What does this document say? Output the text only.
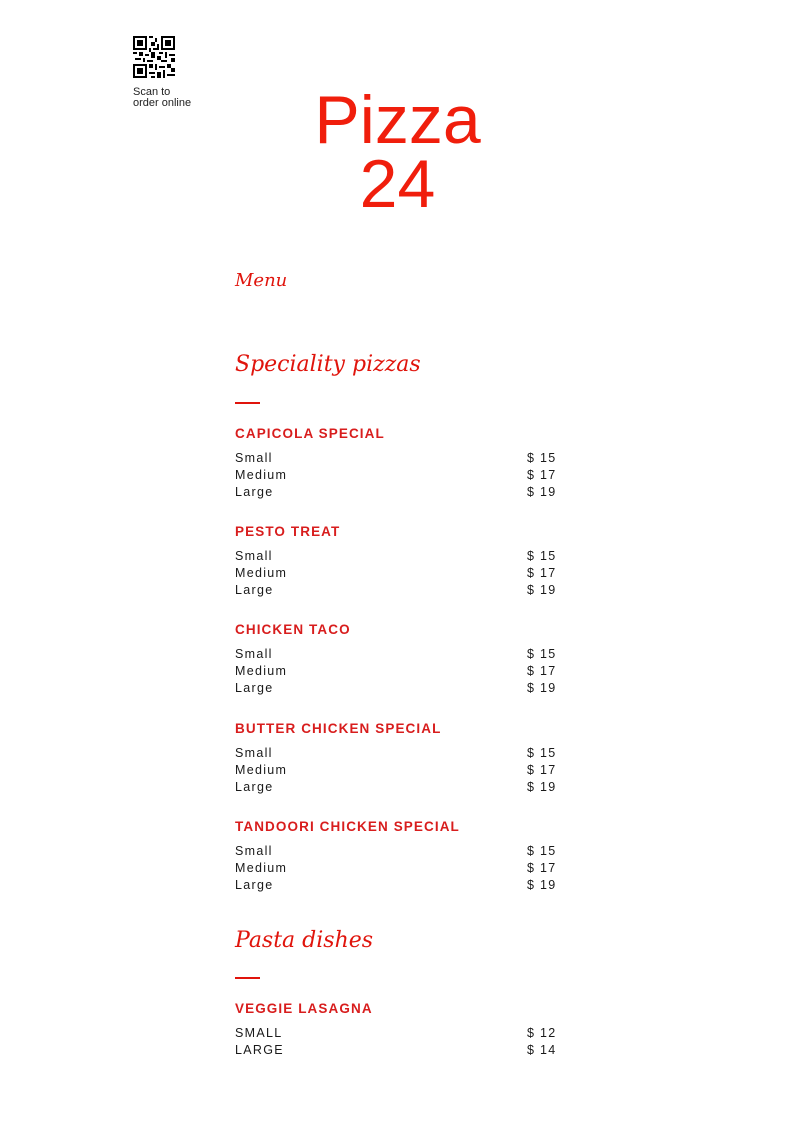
Scan to order online	Pizza 24
Menu
Speciality pizzas
CAPICOLA SPECIAL
Small	$ 15
Medium	$ 17
Large	$ 19
PESTO TREAT
Small	$ 15
Medium	$ 17
Large	$ 19
CHICKEN TACO
Small	$ 15
Medium	$ 17
Large	$ 19
BUTTER CHICKEN SPECIAL
Small	$ 15
Medium	$ 17
Large	$ 19
TANDOORI CHICKEN SPECIAL
Small	$ 15
Medium	$ 17
Large	$ 19
Pasta dishes
VEGGIE LASAGNA
SMALL	$ 12
LARGE	$ 14
